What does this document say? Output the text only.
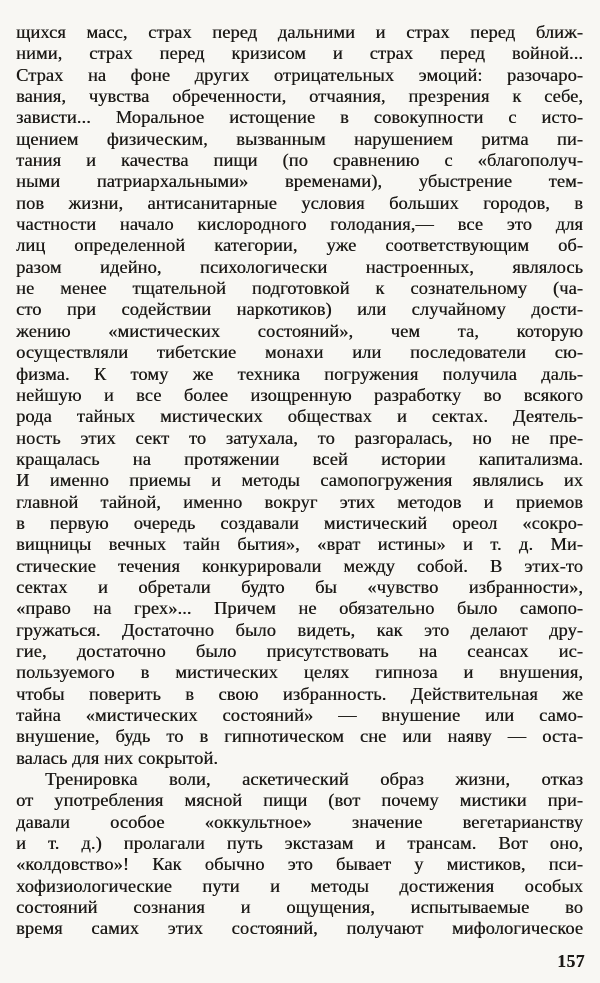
щихся масс, страх перед дальними и страх перед ближ-
ними, страх перед кризисом и страх перед войной...
Страх на фоне других отрицательных эмоций: разочаро-
вания, чувства обреченности, отчаяния, презрения к себе,
зависти... Моральное истощение в совокупности с исто-
щением физическим, вызванным нарушением ритма пи-
тания и качества пищи (по сравнению с «благополуч-
ными патриархальными» временами), убыстрение тем-
пов жизни, антисанитарные условия больших городов, в
частности начало кислородного голодания,— все это для
лиц определенной категории, уже соответствующим об-
разом идейно, психологически настроенных, являлось
не менее тщательной подготовкой к сознательному (ча-
сто при содействии наркотиков) или случайному дости-
жению «мистических состояний», чем та, которую
осуществляли тибетские монахи или последователи сю-
физма. К тому же техника погружения получила даль-
нейшую и все более изощренную разработку во всякого
рода тайных мистических обществах и сектах. Деятель-
ность этих сект то затухала, то разгоралась, но не пре-
кращалась на протяжении всей истории капитализма.
И именно приемы и методы самопогружения являлись их
главной тайной, именно вокруг этих методов и приемов
в первую очередь создавали мистический ореол «сокро-
вищницы вечных тайн бытия», «врат истины» и т. д. Ми-
стические течения конкурировали между собой. В этих-то
сектах и обретали будто бы «чувство избранности»,
«право на грех»... Причем не обязательно было самопо-
гружаться. Достаточно было видеть, как это делают дру-
гие, достаточно было присутствовать на сеансах ис-
пользуемого в мистических целях гипноза и внушения,
чтобы поверить в свою избранность. Действительная же
тайна «мистических состояний» — внушение или само-
внушение, будь то в гипнотическом сне или наяву — оста-
валась для них сокрытой.
Тренировка воли, аскетический образ жизни, отказ
от употребления мясной пищи (вот почему мистики при-
давали особое «оккультное» значение вегетарианству
и т. д.) пролагали путь экстазам и трансам. Вот оно,
«колдовство»! Как обычно это бывает у мистиков, пси-
хофизиологические пути и методы достижения особых
состояний сознания и ощущения, испытываемые во
время самих этих состояний, получают мифологическое
157
